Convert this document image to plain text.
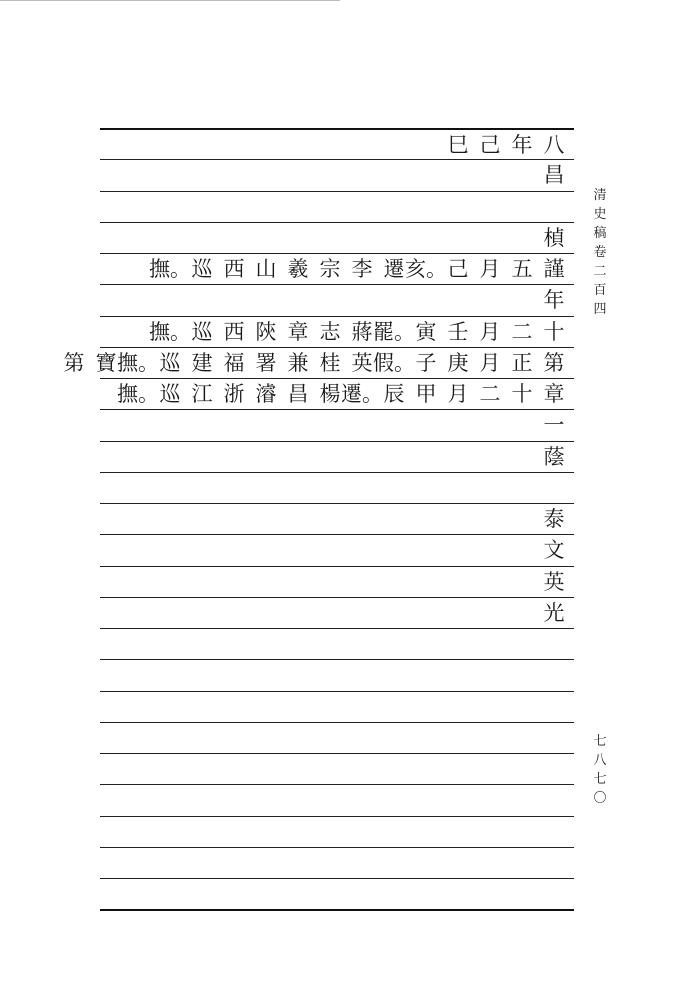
八
年
己
巳
昌
楨
謹
五
月
己
亥。
遷
李
宗
羲
山
西
巡
撫。
年
十
二
月
壬
寅
罷。
蔣
志
章
陝
西
巡
撫。
第
正
月
庚
子
假。
英
桂
兼
署
福
建
巡
撫。
寶
第
章
十
二
月
甲
辰
遷。
楊
昌
濬
浙
江
巡
撫。
一
蔭
泰
文
英
光
清史稿卷二百四
七八七〇
